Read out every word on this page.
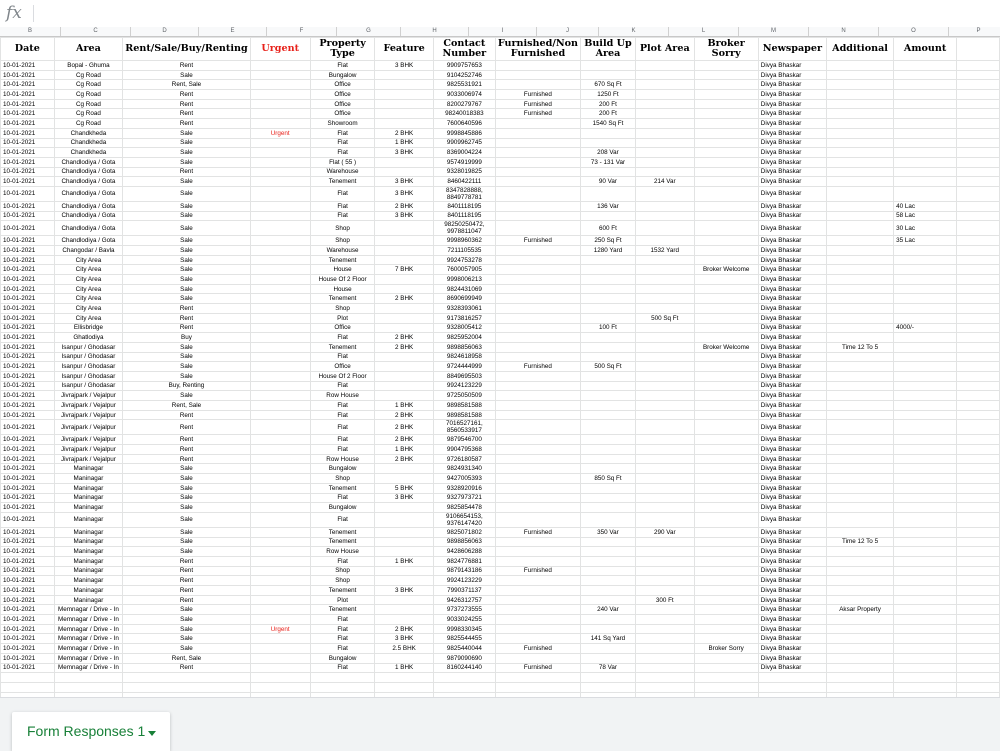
fx
B	C	D	E	F	G	H	I	J	K	L	M	N	O	P
Date	Area	Rent/Sale/Buy/Renting	Urgent	Property Type	Feature	Contact Number	Furnished/Non Furnished	Build Up Area	Plot Area	Broker Sorry	Newspaper	Additional	Amount	
10-01-2021	Bopal - Ghuma	Rent		Flat	3 BHK	9909757653					Divya Bhaskar			
10-01-2021	Cg Road	Sale		Bungalow		9104252746					Divya Bhaskar			
10-01-2021	Cg Road	Rent, Sale		Office		9825531921		670 Sq Ft			Divya Bhaskar			
10-01-2021	Cg Road	Rent		Office		9033006974	Furnished	1250 Ft			Divya Bhaskar			
10-01-2021	Cg Road	Rent		Office		8200279767	Furnished	200 Ft			Divya Bhaskar			
10-01-2021	Cg Road	Rent		Office		98240018383	Furnished	200 Ft			Divya Bhaskar			
10-01-2021	Cg Road	Rent		Showroom		7600640596		1540 Sq Ft			Divya Bhaskar			
10-01-2021	Chandkheda	Sale	Urgent	Flat	2 BHK	9998845886					Divya Bhaskar			
10-01-2021	Chandkheda	Sale		Flat	1 BHK	9909962745					Divya Bhaskar			
10-01-2021	Chandkheda	Sale		Flat	3 BHK	8369004224		208 Var			Divya Bhaskar			
10-01-2021	Chandlodiya / Gota	Sale		Flat ( 55 )		9574919999		73 - 131 Var			Divya Bhaskar			
10-01-2021	Chandlodiya / Gota	Rent		Warehouse		9328019825					Divya Bhaskar			
10-01-2021	Chandlodiya / Gota	Sale		Tenement	3 BHK	8460422111		90 Var	214 Var		Divya Bhaskar			
10-01-2021	Chandlodiya / Gota	Sale		Flat	3 BHK	8347828888, 8849778781					Divya Bhaskar			
10-01-2021	Chandlodiya / Gota	Sale		Flat	2 BHK	8401118195		136 Var			Divya Bhaskar		40 Lac	
10-01-2021	Chandlodiya / Gota	Sale		Flat	3 BHK	8401118195					Divya Bhaskar		58 Lac	
10-01-2021	Chandlodiya / Gota	Sale		Shop		98250250472, 9978811047		600 Ft			Divya Bhaskar		30 Lac	
10-01-2021	Chandlodiya / Gota	Sale		Shop		9998960362	Furnished	250 Sq Ft			Divya Bhaskar		35 Lac	
10-01-2021	Changodar / Bavla	Sale		Warehouse		7211105535		1280 Yard	1532 Yard		Divya Bhaskar			
10-01-2021	City Area	Sale		Tenement		9924753278					Divya Bhaskar			
10-01-2021	City Area	Sale		House	7 BHK	7600057905				Broker Welcome	Divya Bhaskar			
10-01-2021	City Area	Sale		House Of 2 Floor		9998006213					Divya Bhaskar			
10-01-2021	City Area	Sale		House		9824431069					Divya Bhaskar			
10-01-2021	City Area	Sale		Tenement	2 BHK	8690699949					Divya Bhaskar			
10-01-2021	City Area	Rent		Shop		9328393061					Divya Bhaskar			
10-01-2021	City Area	Rent		Plot		9173816257			500 Sq Ft		Divya Bhaskar			
10-01-2021	Ellisbridge	Rent		Office		9328005412		100 Ft			Divya Bhaskar		4000/-	
10-01-2021	Ghatlodiya	Buy		Flat	2 BHK	9825952004					Divya Bhaskar			
10-01-2021	Isanpur / Ghodasar	Sale		Tenement	2 BHK	9898856063				Broker Welcome	Divya Bhaskar	Time 12 To 5		
10-01-2021	Isanpur / Ghodasar	Sale		Flat		9824618958					Divya Bhaskar			
10-01-2021	Isanpur / Ghodasar	Sale		Office		9724444999	Furnished	500 Sq Ft			Divya Bhaskar			
10-01-2021	Isanpur / Ghodasar	Sale		House Of 2 Floor		8849695503					Divya Bhaskar			
10-01-2021	Isanpur / Ghodasar	Buy, Renting		Flat		9924123229					Divya Bhaskar			
10-01-2021	Jivrajpark / Vejalpur	Sale		Row House		9725050509					Divya Bhaskar			
10-01-2021	Jivrajpark / Vejalpur	Rent, Sale		Flat	1 BHK	9898581588					Divya Bhaskar			
10-01-2021	Jivrajpark / Vejalpur	Rent		Flat	2 BHK	9898581588					Divya Bhaskar			
10-01-2021	Jivrajpark / Vejalpur	Rent		Flat	2 BHK	7016527161, 8560533917					Divya Bhaskar			
10-01-2021	Jivrajpark / Vejalpur	Rent		Flat	2 BHK	9879546700					Divya Bhaskar			
10-01-2021	Jivrajpark / Vejalpur	Rent		Flat	1 BHK	9904795368					Divya Bhaskar			
10-01-2021	Jivrajpark / Vejalpur	Rent		Row House	2 BHK	9726180587					Divya Bhaskar			
10-01-2021	Maninagar	Sale		Bungalow		9824931340					Divya Bhaskar			
10-01-2021	Maninagar	Sale		Shop		9427005393		850 Sq Ft			Divya Bhaskar			
10-01-2021	Maninagar	Sale		Tenement	5 BHK	9328920916					Divya Bhaskar			
10-01-2021	Maninagar	Sale		Flat	3 BHK	9327973721					Divya Bhaskar			
10-01-2021	Maninagar	Sale		Bungalow		9825854478					Divya Bhaskar			
10-01-2021	Maninagar	Sale		Flat		9106654153, 9376147420					Divya Bhaskar			
10-01-2021	Maninagar	Sale		Tenement		9825071802	Furnished	350 Var	290 Var		Divya Bhaskar			
10-01-2021	Maninagar	Sale		Tenement		9898856063					Divya Bhaskar	Time 12 To 5		
10-01-2021	Maninagar	Sale		Row House		9428606288					Divya Bhaskar			
10-01-2021	Maninagar	Rent		Flat	1 BHK	9824776881					Divya Bhaskar			
10-01-2021	Maninagar	Rent		Shop		9879143186	Furnished				Divya Bhaskar			
10-01-2021	Maninagar	Rent		Shop		9924123229					Divya Bhaskar			
10-01-2021	Maninagar	Rent		Tenement	3 BHK	7990371137					Divya Bhaskar			
10-01-2021	Maninagar	Rent		Plot		9426312757			300 Ft		Divya Bhaskar			
10-01-2021	Memnagar / Drive - In	Sale		Tenement		9737273555		240 Var			Divya Bhaskar	Aksar Property		
10-01-2021	Memnagar / Drive - In	Sale		Flat		9033024255					Divya Bhaskar			
10-01-2021	Memnagar / Drive - In	Sale	Urgent	Flat	2 BHK	9998330345					Divya Bhaskar			
10-01-2021	Memnagar / Drive - In	Sale		Flat	3 BHK	9825544455		141 Sq Yard			Divya Bhaskar			
10-01-2021	Memnagar / Drive - In	Sale		Flat	2.5 BHK	9825440044	Furnished			Broker Sorry	Divya Bhaskar			
10-01-2021	Memnagar / Drive - In	Rent, Sale		Bungalow		9879090690					Divya Bhaskar			
10-01-2021	Memnagar / Drive - In	Rent		Flat	1 BHK	8160244140	Furnished	78 Var			Divya Bhaskar			

Form Responses 1
